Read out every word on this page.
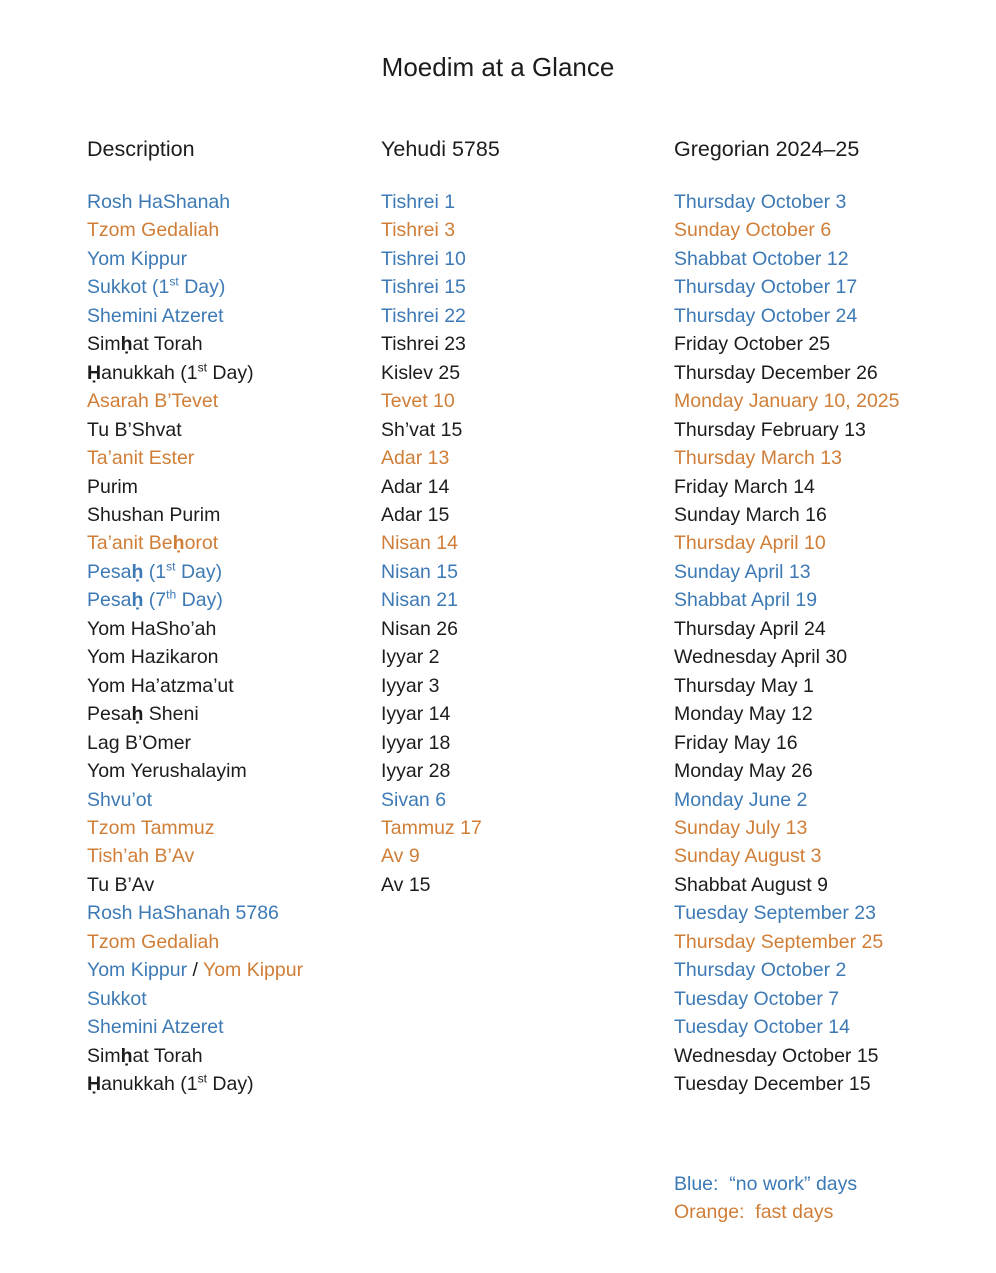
Moedim at a Glance
Description	Yehudi 5785	Gregorian 2024–25
Rosh HaShanah
Tzom Gedaliah
Yom Kippur
Sukkot (1st Day)
Shemini Atzeret
Simḥat Torah
Ḥanukkah (1st Day)
Asarah B’Tevet
Tu B’Shvat
Ta’anit Ester
Purim
Shushan Purim
Ta’anit Beḥorot
Pesaḥ (1st Day)
Pesaḥ (7th Day)
Yom HaSho’ah
Yom Hazikaron
Yom Ha’atzma’ut
Pesaḥ Sheni
Lag B’Omer
Yom Yerushalayim
Shvu’ot
Tzom Tammuz
Tish’ah B’Av
Tu B’Av
Rosh HaShanah 5786
Tzom Gedaliah
Yom Kippur / Yom Kippur
Sukkot
Shemini Atzeret
Simḥat Torah
Ḥanukkah (1st Day)
Tishrei 1
Tishrei 3
Tishrei 10
Tishrei 15
Tishrei 22
Tishrei 23
Kislev 25
Tevet 10
Sh’vat 15
Adar 13
Adar 14
Adar 15
Nisan 14
Nisan 15
Nisan 21
Nisan 26
Iyyar 2
Iyyar 3
Iyyar 14
Iyyar 18
Iyyar 28
Sivan 6
Tammuz 17
Av 9
Av 15
Thursday October 3
Sunday October 6
Shabbat October 12
Thursday October 17
Thursday October 24
Friday October 25
Thursday December 26
Monday January 10, 2025
Thursday February 13
Thursday March 13
Friday March 14
Sunday March 16
Thursday April 10
Sunday April 13
Shabbat April 19
Thursday April 24
Wednesday April 30
Thursday May 1
Monday May 12
Friday May 16
Monday May 26
Monday June 2
Sunday July 13
Sunday August 3
Shabbat August 9
Tuesday September 23
Thursday September 25
Thursday October 2
Tuesday October 7
Tuesday October 14
Wednesday October 15
Tuesday December 15
Blue:  “no work” days
Orange:  fast days
